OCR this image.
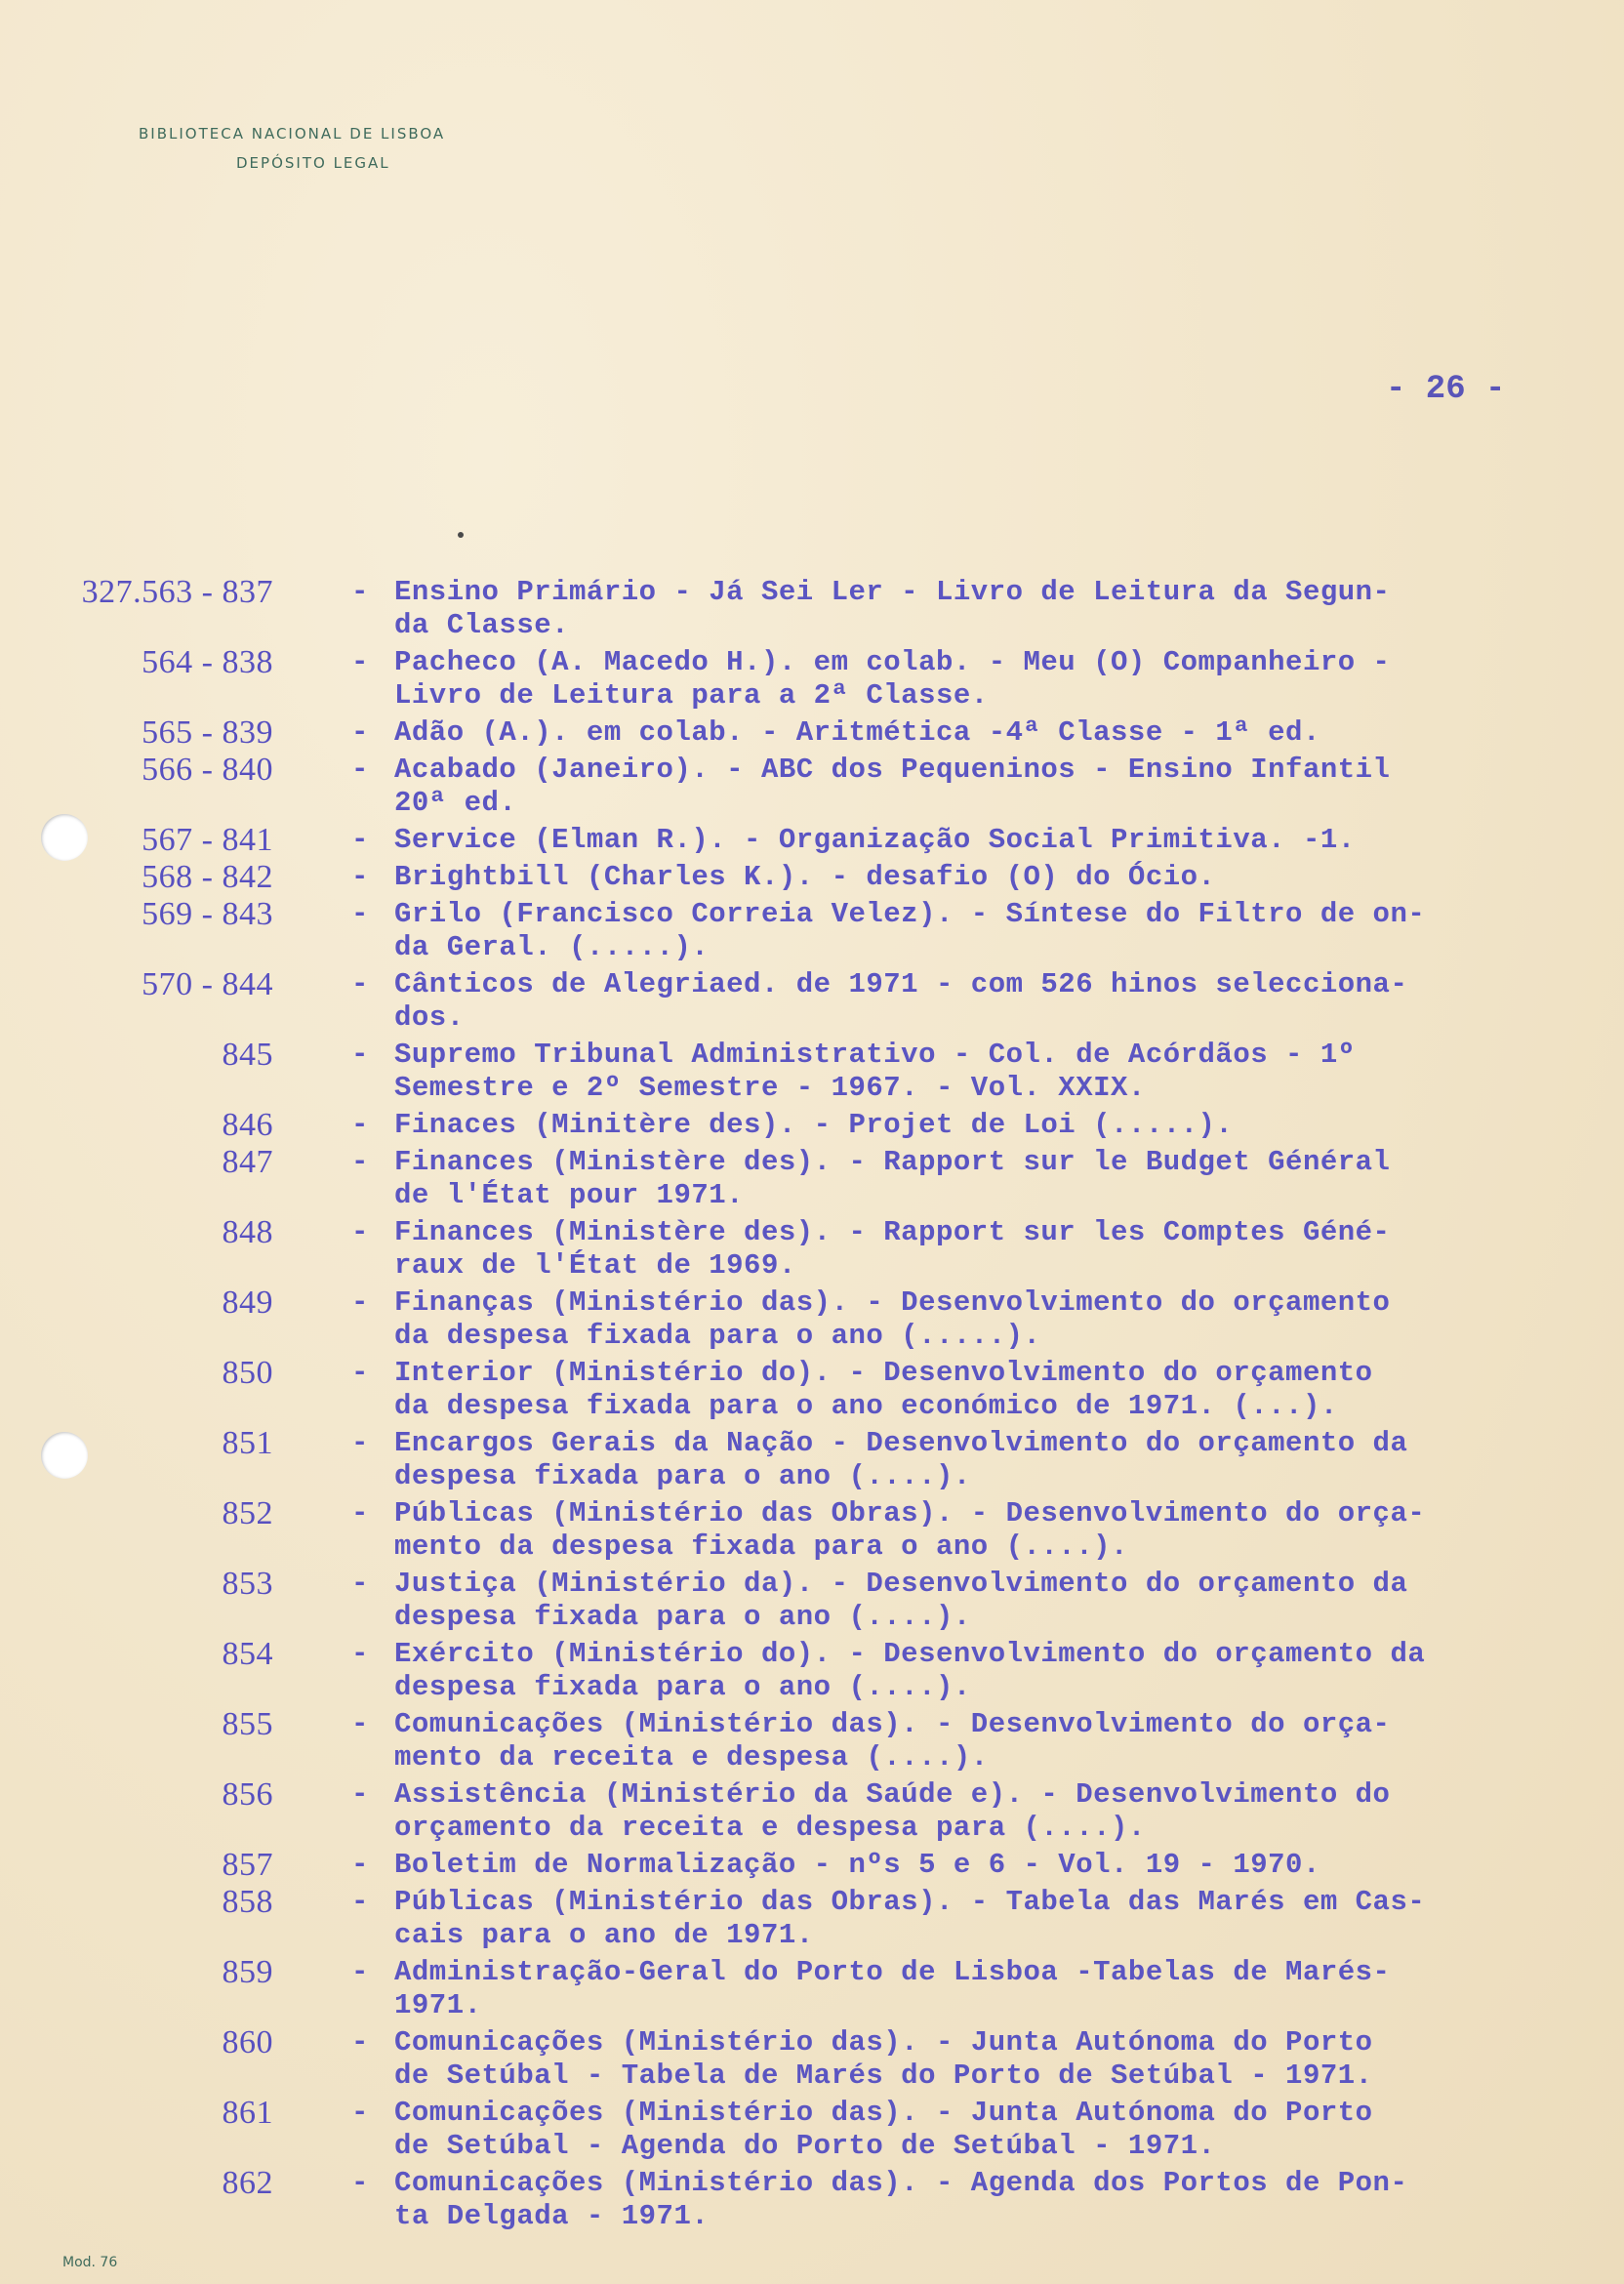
BIBLIOTECA NACIONAL DE LISBOA
DEPÓSITO LEGAL
- 26 -
327.563 - 837	- Ensino Primário - Já Sei Ler - Livro de Leitura da Segun-
da Classe.
564 - 838	- Pacheco (A. Macedo H.). em colab. - Meu (O) Companheiro -
Livro de Leitura para a 2ª Classe.
565 - 839	- Adão (A.). em colab. - Aritmética -4ª Classe - 1ª ed.
566 - 840	- Acabado (Janeiro). - ABC dos Pequeninos - Ensino Infantil
20ª ed.
567 - 841	- Service (Elman R.). - Organização Social Primitiva. -1.
568 - 842	- Brightbill (Charles K.). - desafio (O) do Ócio.
569 - 843	- Grilo (Francisco Correia Velez). - Síntese do Filtro de on-
da Geral. (.....).
570 - 844	- Cânticos de Alegriaed. de 1971 - com 526 hinos selecciona-
dos.
845	- Supremo Tribunal Administrativo - Col. de Acórdãos - 1º
Semestre e 2º Semestre - 1967. - Vol. XXIX.
846	- Finaces (Minitère des). - Projet de Loi (.....).
847	- Finances (Ministère des). - Rapport sur le Budget Général
de l'État pour 1971.
848	- Finances (Ministère des). - Rapport sur les Comptes Géné-
raux de l'État de 1969.
849	- Finanças (Ministério das). - Desenvolvimento do orçamento
da despesa fixada para o ano (.....).
850	- Interior (Ministério do). - Desenvolvimento do orçamento
da despesa fixada para o ano económico de 1971. (...).
851	- Encargos Gerais da Nação - Desenvolvimento do orçamento da
despesa fixada para o ano (....).
852	- Públicas (Ministério das Obras). - Desenvolvimento do orça-
mento da despesa fixada para o ano (....).
853	- Justiça (Ministério da). - Desenvolvimento do orçamento da
despesa fixada para o ano (....).
854	- Exército (Ministério do). - Desenvolvimento do orçamento da
despesa fixada para o ano (....).
855	- Comunicações (Ministério das). - Desenvolvimento do orça-
mento da receita e despesa (....).
856	- Assistência (Ministério da Saúde e). - Desenvolvimento do
orçamento da receita e despesa para (....).
857	- Boletim de Normalização - nºs 5 e 6 - Vol. 19 - 1970.
858	- Públicas (Ministério das Obras). - Tabela das Marés em Cas-
cais para o ano de 1971.
859	- Administração-Geral do Porto de Lisboa -Tabelas de Marés-
1971.
860	- Comunicações (Ministério das). - Junta Autónoma do Porto
de Setúbal - Tabela de Marés do Porto de Setúbal - 1971.
861	- Comunicações (Ministério das). - Junta Autónoma do Porto
de Setúbal - Agenda do Porto de Setúbal - 1971.
862	- Comunicações (Ministério das). - Agenda dos Portos de Pon-
ta Delgada - 1971.
Mod. 76
